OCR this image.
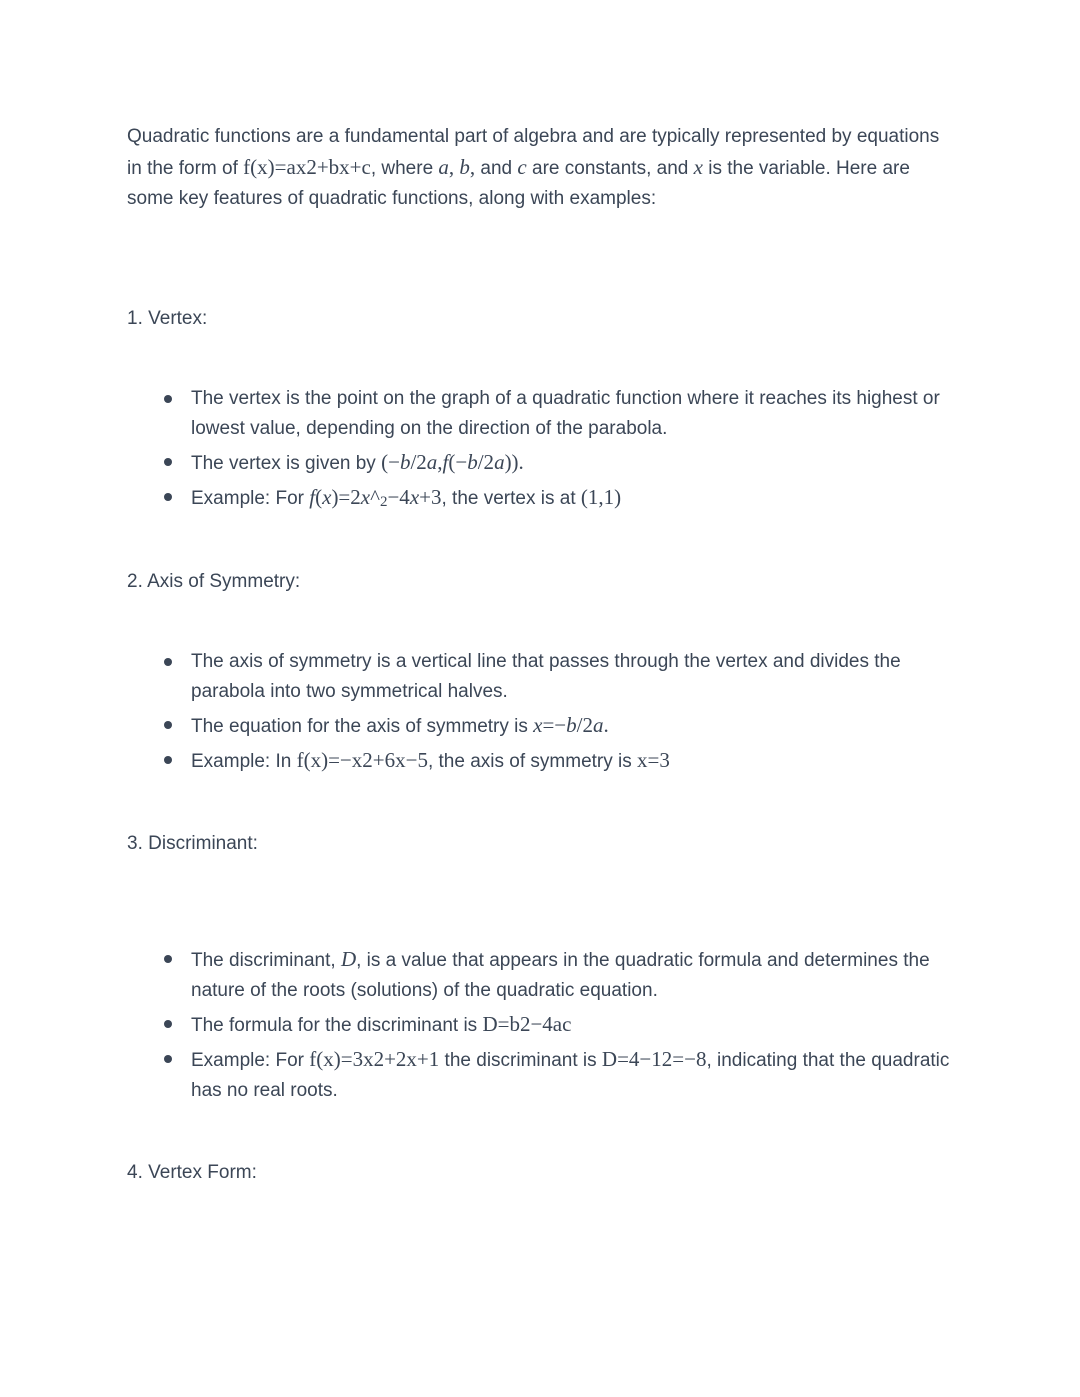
Quadratic functions are a fundamental part of algebra and are typically represented by equations in the form of f(x)=ax2+bx+c, where a, b, and c are constants, and x is the variable. Here are some key features of quadratic functions, along with examples:

1. Vertex:
The vertex is the point on the graph of a quadratic function where it reaches its highest or lowest value, depending on the direction of the parabola.
The vertex is given by (−b/2a,f(−b/2a)).
Example: For f(x)=2x^2−4x+3, the vertex is at (1,1)
2. Axis of Symmetry:
The axis of symmetry is a vertical line that passes through the vertex and divides the parabola into two symmetrical halves.
The equation for the axis of symmetry is x=−b/2a.
Example: In f(x)=−x2+6x−5, the axis of symmetry is x=3
3. Discriminant:
The discriminant, D, is a value that appears in the quadratic formula and determines the nature of the roots (solutions) of the quadratic equation.
The formula for the discriminant is D=b2−4ac
Example: For f(x)=3x2+2x+1 the discriminant is D=4−12=−8, indicating that the quadratic has no real roots.
4. Vertex Form:
